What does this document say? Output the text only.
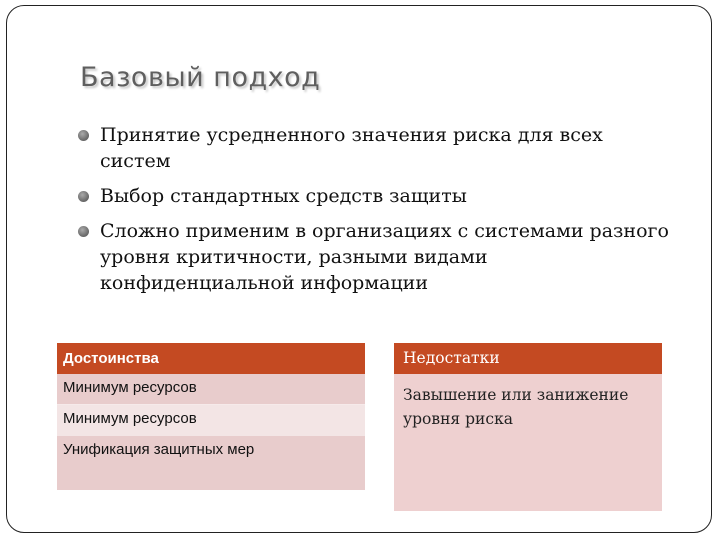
Базовый подход
Принятие усредненного значения риска для всех систем
Выбор стандартных средств защиты
Сложно применим в организациях с системами разного уровня критичности, разными видами конфиденциальной информации
Достоинства
Минимум ресурсов
Минимум ресурсов
Унификация защитных мер
Недостатки
Завышение или занижение уровня риска
